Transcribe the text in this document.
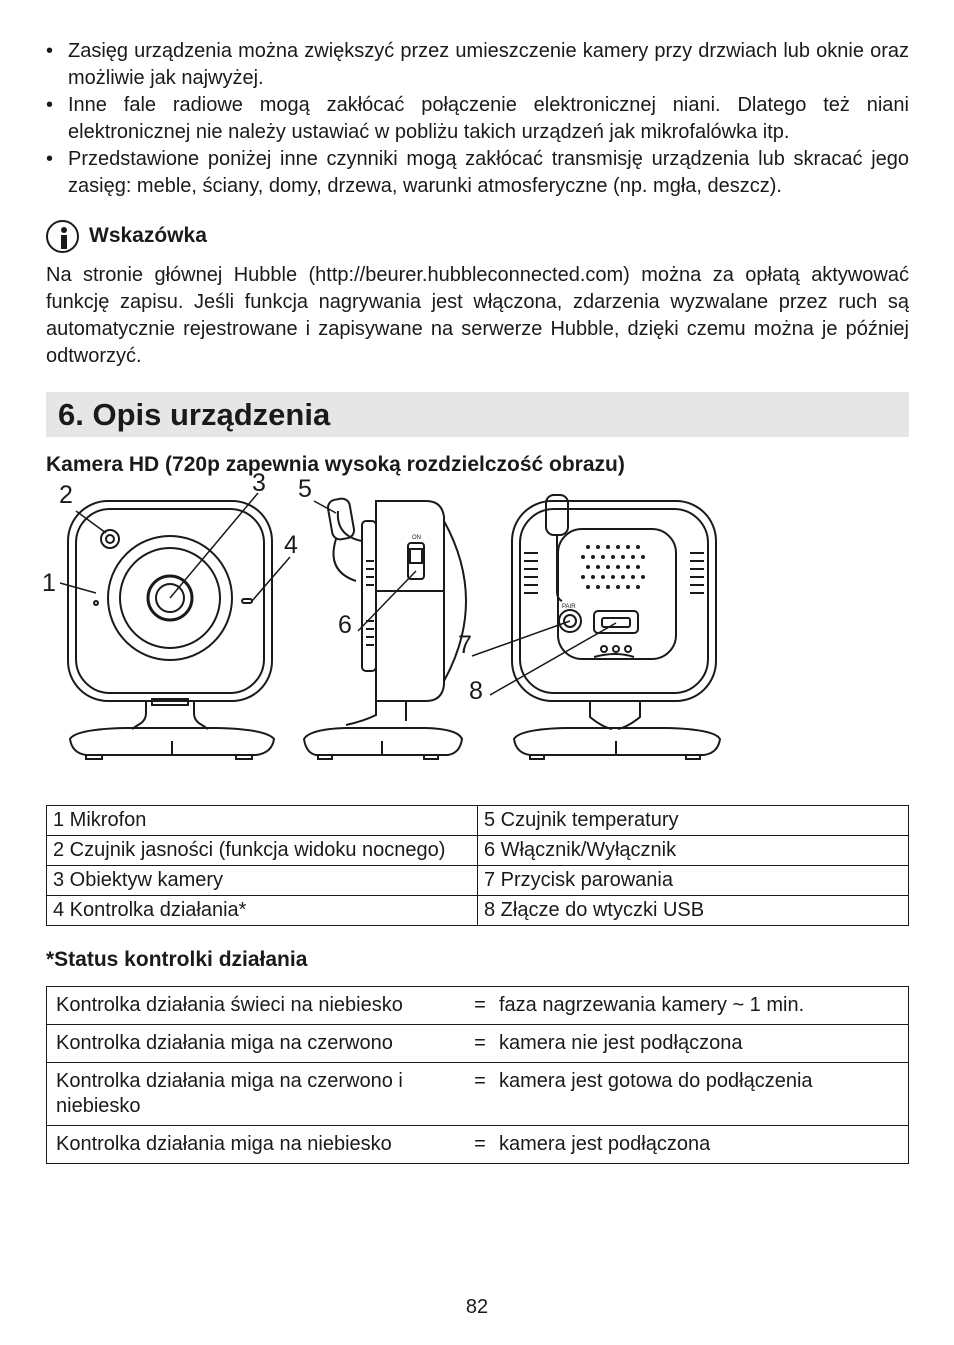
• Zasięg urządzenia można zwiększyć przez umieszczenie kamery przy drzwiach lub oknie oraz możliwie jak najwyżej.
• Inne fale radiowe mogą zakłócać połączenie elektronicznej niani. Dlatego też niani elektronicznej nie należy ustawiać w pobliżu takich urządzeń jak mikrofalówka itp.
• Przedstawione poniżej inne czynniki mogą zakłócać transmisję urządzenia lub skracać jego zasięg: meble, ściany, domy, drzewa, warunki atmosferyczne (np. mgła, deszcz).
Wskazówka
Na stronie głównej Hubble (http://beurer.hubbleconnected.com) można za opłatą aktywować funkcję zapisu. Jeśli funkcja nagrywania jest włączona, zdarzenia wyzwalane przez ruch są automatycznie rejestrowane i zapisywane na serwerze Hubble, dzięki czemu można je później odtworzyć.
6. Opis urządzenia
Kamera HD (720p zapewnia wysoką rozdzielczość obrazu)
ON
PAIR
1
2	3
4
5
6
7
8
1 Mikrofon	5 Czujnik temperatury
2 Czujnik jasności (funkcja widoku nocnego)	6 Włącznik/Wyłącznik
3 Obiektyw kamery	7 Przycisk parowania
4 Kontrolka działania*	8 Złącze do wtyczki USB
*Status kontrolki działania
Kontrolka działania świeci na niebiesko	=	faza nagrzewania kamery ~ 1 min.
Kontrolka działania miga na czerwono	=	kamera nie jest podłączona
Kontrolka działania miga na czerwono i niebiesko	=	kamera jest gotowa do podłączenia
Kontrolka działania miga na niebiesko	=	kamera jest podłączona
82
